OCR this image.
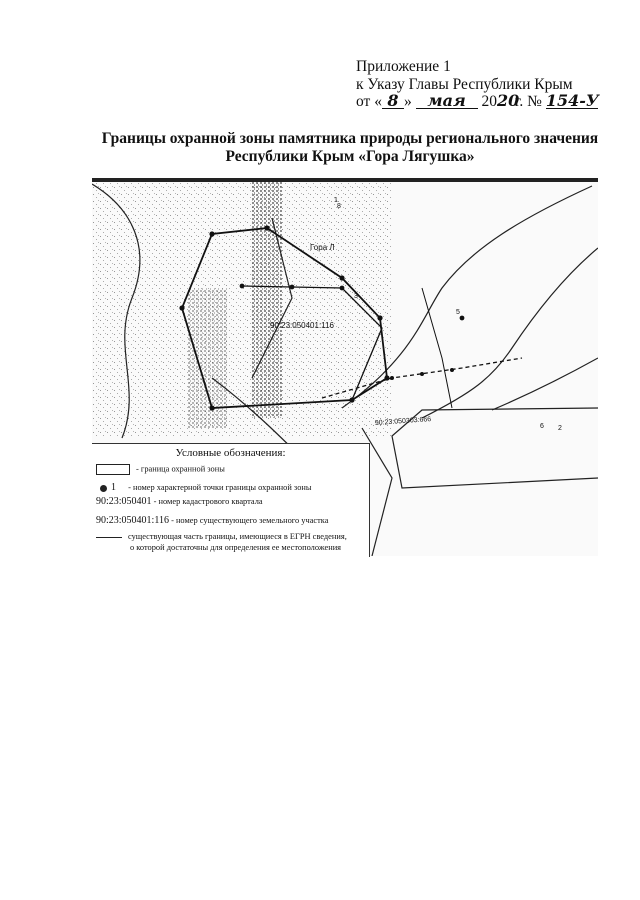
Приложение 1
к Указу Главы Республики Крым
от « 8 » мая 2020 г. № 154-У
Границы охранной зоны памятника природы регионального значения
Республики Крым «Гора Лягушка»
90:23:050401:116
Гора Л
90:23:050303:666
8
1
3
5
6 2
Условные обозначения:
- граница охранной зоны
1 - номер характерной точки границы охранной зоны
90:23:050401 - номер кадастрового квартала
90:23:050401:116 - номер существующего земельного участка
существующая часть границы, имеющиеся в ЕГРН сведения,
о которой достаточны для определения ее местоположения
